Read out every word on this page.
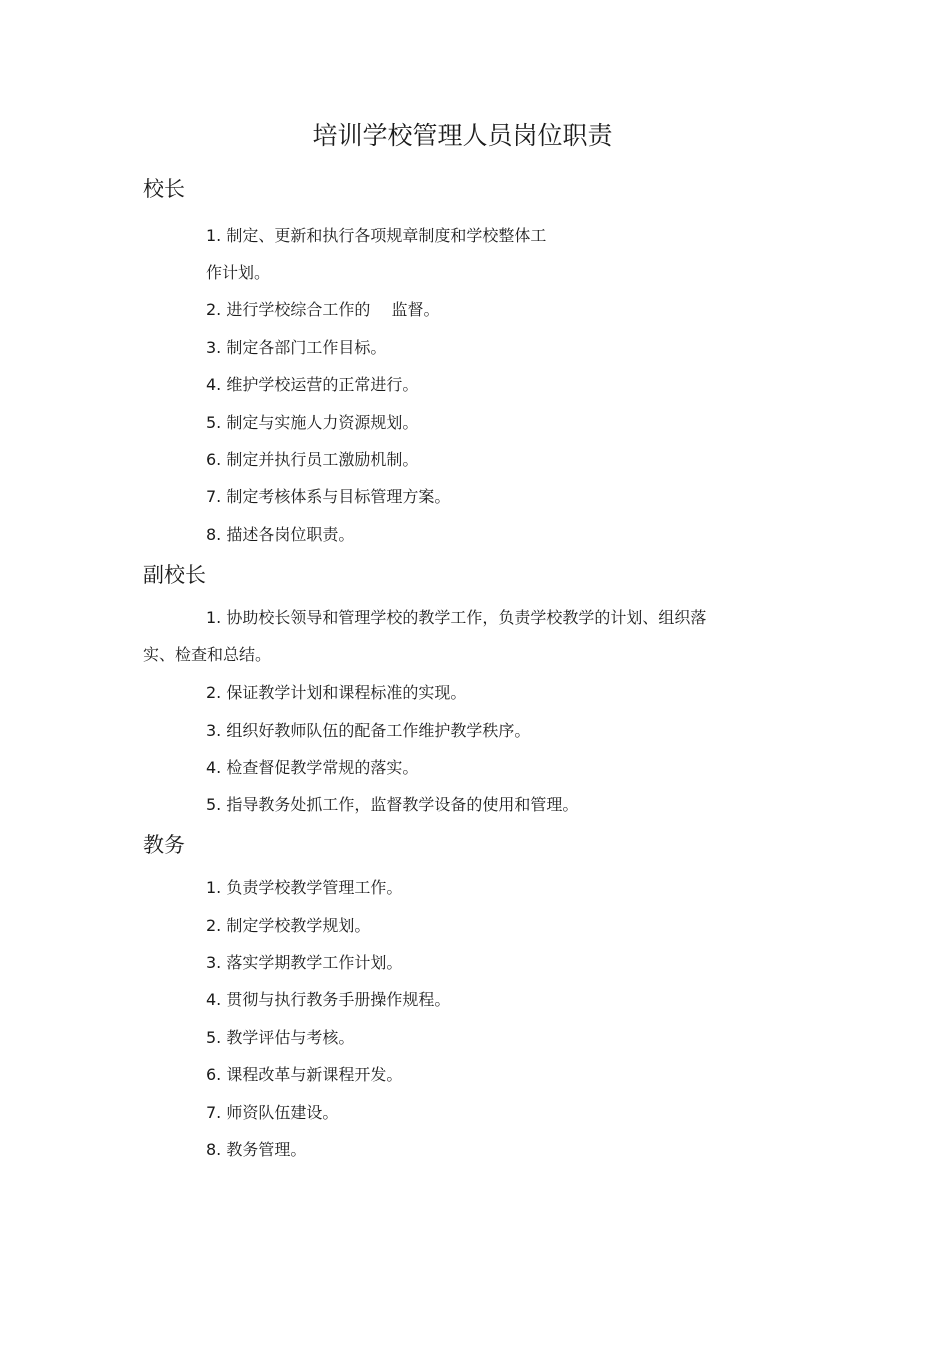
培训学校管理人员岗位职责
校长
1. 制定、更新和执行各项规章制度和学校整体工
作计划。
2. 进行学校综合工作的　 监督。
3. 制定各部门工作目标。
4. 维护学校运营的正常进行。
5. 制定与实施人力资源规划。
6. 制定并执行员工激励机制。
7. 制定考核体系与目标管理方案。
8. 描述各岗位职责。
副校长
1. 协助校长领导和管理学校的教学工作，负责学校教学的计划、组织落
实、检查和总结。
2. 保证教学计划和课程标准的实现。
3. 组织好教师队伍的配备工作维护教学秩序。
4. 检查督促教学常规的落实。
5. 指导教务处抓工作，监督教学设备的使用和管理。
教务
1. 负责学校教学管理工作。
2. 制定学校教学规划。
3. 落实学期教学工作计划。
4. 贯彻与执行教务手册操作规程。
5. 教学评估与考核。
6. 课程改革与新课程开发。
7. 师资队伍建设。
8. 教务管理。
